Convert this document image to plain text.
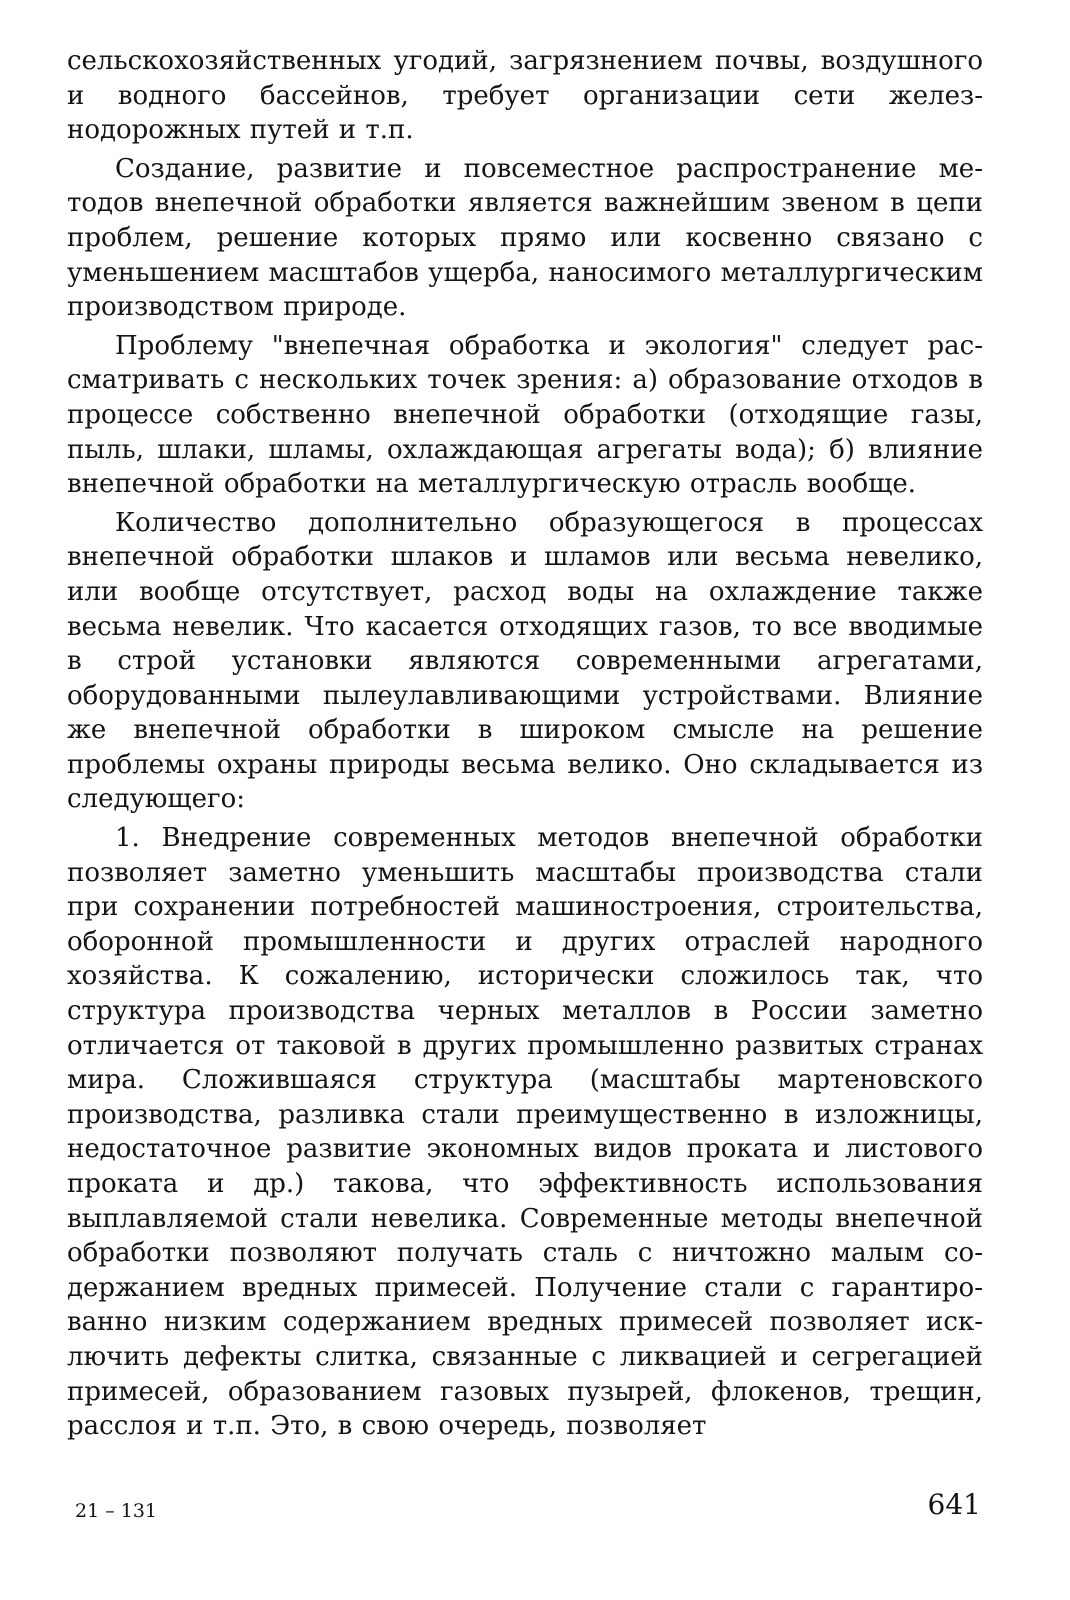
сельскохозяйственных угодий, загрязнением почвы, воздушного и водного бассейнов, требует организации сети железнодорожных путей и т.п.

Создание, развитие и повсеместное распространение методов внепечной обработки является важнейшим звеном в цепи проблем, решение которых прямо или косвенно связано с уменьшением масштабов ущерба, наносимого металлургическим производством природе.

Проблему "внепечная обработка и экология" следует рассматривать с нескольких точек зрения: а) образование отходов в процессе собственно внепечной обработки (отходящие газы, пыль, шлаки, шламы, охлаждающая агрегаты вода); б) влияние внепечной обработки на металлургическую отрасль вообще.

Количество дополнительно образующегося в процессах внепечной обработки шлаков и шламов или весьма невелико, или вообще отсутствует, расход воды на охлаждение также весьма невелик. Что касается отходящих газов, то все вводимые в строй установки являются современными агрегатами, оборудованными пылеулавливающими устройствами. Влияние же внепечной обработки в широком смысле на решение проблемы охраны природы весьма велико. Оно складывается из следующего:

1. Внедрение современных методов внепечной обработки позволяет заметно уменьшить масштабы производства стали при сохранении потребностей машиностроения, строительства, оборонной промышленности и других отраслей народного хозяйства. К сожалению, исторически сложилось так, что структура производства черных металлов в России заметно отличается от таковой в других промышленно развитых странах мира. Сложившаяся структура (масштабы мартеновского производства, разливка стали преимущественно в изложницы, недостаточное развитие экономных видов проката и листового проката и др.) такова, что эффективность использования выплавляемой стали невелика. Современные методы внепечной обработки позволяют получать сталь с ничтожно малым содержанием вредных примесей. Получение стали с гарантированно низким содержанием вредных примесей позволяет исключить дефекты слитка, связанные с ликвацией и сегрегацией примесей, образованием газовых пузырей, флокенов, трещин, расслоя и т.п. Это, в свою очередь, позволяет

21 – 131	641
